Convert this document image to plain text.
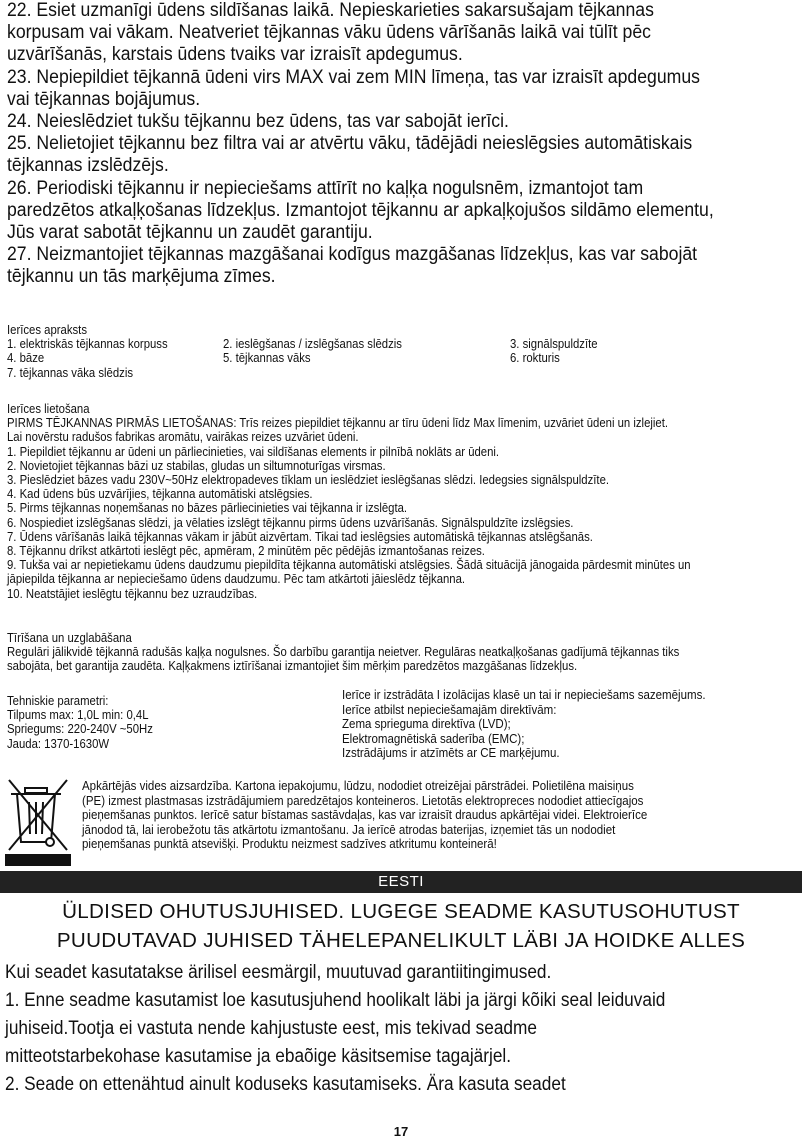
22. Esiet uzmanīgi ūdens sildīšanas laikā. Nepieskarieties sakarsušajam tējkannas

korpusam vai vākam. Neatveriet tējkannas vāku ūdens vārīšanās laikā vai tūlīt pēc

uzvārīšanās, karstais ūdens tvaiks var izraisīt apdegumus.

23. Nepiepildiet tējkannā ūdeni virs MAX vai zem MIN līmeņa, tas var izraisīt apdegumus

vai tējkannas bojājumus.

24. Neieslēdziet tukšu tējkannu bez ūdens, tas var sabojāt ierīci.

25. Nelietojiet tējkannu bez filtra vai ar atvērtu vāku, tādējādi neieslēgsies automātiskais

tējkannas izslēdzējs.

26. Periodiski tējkannu ir nepieciešams attīrīt no kaļķa nogulsnēm, izmantojot tam

paredzētos atkaļķošanas līdzekļus. Izmantojot tējkannu ar apkaļķojušos sildāmo elementu,

Jūs varat sabotāt tējkannu un zaudēt garantiju.

27. Neizmantojiet tējkannas mazgāšanai kodīgus mazgāšanas līdzekļus, kas var sabojāt

tējkannu un tās marķējuma zīmes.

Ierīces apraksts

1. elektriskās tējkannas korpuss

4. bāze

7. tējkannas vāka slēdzis

2. ieslēgšanas / izslēgšanas slēdzis

5. tējkannas vāks

3. signālspuldzīte

6. rokturis

Ierīces lietošana

PIRMS TĒJKANNAS PIRMĀS LIETOŠANAS: Trīs reizes piepildiet tējkannu ar tīru ūdeni līdz Max līmenim, uzvāriet ūdeni un izlejiet.

Lai novērstu radušos fabrikas aromātu, vairākas reizes uzvāriet ūdeni.

1. Piepildiet tējkannu ar ūdeni un pārliecinieties, vai sildīšanas elements ir pilnībā noklāts ar ūdeni.

2. Novietojiet tējkannas bāzi uz stabilas, gludas un siltumnoturīgas virsmas.

3. Pieslēdziet bāzes vadu 230V~50Hz elektropadeves tīklam un ieslēdziet ieslēgšanas slēdzi. Iedegsies signālspuldzīte.

4. Kad ūdens būs uzvārījies, tējkanna automātiski atslēgsies.

5. Pirms tējkannas noņemšanas no bāzes pārliecinieties vai tējkanna ir izslēgta.

6. Nospiediet izslēgšanas slēdzi, ja vēlaties izslēgt tējkannu pirms ūdens uzvārīšanās. Signālspuldzīte izslēgsies.

7. Ūdens vārīšanās laikā tējkannas vākam ir jābūt aizvērtam. Tikai tad ieslēgsies automātiskā tējkannas atslēgšanās.

8. Tējkannu drīkst atkārtoti ieslēgt pēc, apmēram, 2 minūtēm pēc pēdējās izmantošanas reizes.

9. Tukša vai ar nepietiekamu ūdens daudzumu piepildīta tējkanna automātiski atslēgsies. Šādā situācijā jānogaida pārdesmit minūtes un

jāpiepilda tējkanna ar nepieciešamo ūdens daudzumu. Pēc tam atkārtoti jāieslēdz tējkanna.

10. Neatstājiet ieslēgtu tējkannu bez uzraudzības.

Tīrīšana un uzglabāšana

Regulāri jālikvidē tējkannā radušās kaļķa nogulsnes. Šo darbību garantija neietver. Regulāras neatkaļķošanas gadījumā tējkannas tiks

sabojāta, bet garantija zaudēta. Kaļķakmens iztīrīšanai izmantojiet šim mērķim paredzētos mazgāšanas līdzekļus.

Tehniskie parametri:

Tilpums max: 1,0L min: 0,4L

Spriegums: 220-240V ~50Hz

Jauda: 1370-1630W

Ierīce ir izstrādāta I izolācijas klasē un tai ir nepieciešams sazemējums.

Ierīce atbilst nepieciešamajām direktīvām:

Zema sprieguma direktīva (LVD);

Elektromagnētiskā saderība (EMC);

Izstrādājums ir atzīmēts ar CE marķējumu.

Apkārtējās vides aizsardzība. Kartona iepakojumu, lūdzu, nododiet otreizējai pārstrādei. Polietilēna maisiņus

(PE) izmest plastmasas izstrādājumiem paredzētajos konteineros. Lietotās elektropreces nododiet attiecīgajos

pieņemšanas punktos. Ierīcē satur bīstamas sastāvdaļas, kas var izraisīt draudus apkārtējai videi. Elektroierīce

jānodod tā, lai ierobežotu tās atkārtotu izmantošanu. Ja ierīcē atrodas baterijas, izņemiet tās un nododiet

pieņemšanas punktā atsevišķi. Produktu neizmest sadzīves atkritumu konteinerā!

EESTI
ÜLDISED OHUTUSJUHISED. LUGEGE SEADME KASUTUSOHUTUST
PUUDUTAVAD JUHISED TÄHELEPANELIKULT LÄBI JA HOIDKE ALLES

Kui seadet kasutatakse ärilisel eesmärgil, muutuvad garantiitingimused.

1. Enne seadme kasutamist loe kasutusjuhend hoolikalt läbi ja järgi kõiki seal leiduvaid

juhiseid.Tootja ei vastuta nende kahjustuste eest, mis tekivad seadme

mitteotstarbekohase kasutamise ja ebaõige käsitsemise tagajärjel.

2. Seade on ettenähtud ainult koduseks kasutamiseks. Ära kasuta seadet

17
